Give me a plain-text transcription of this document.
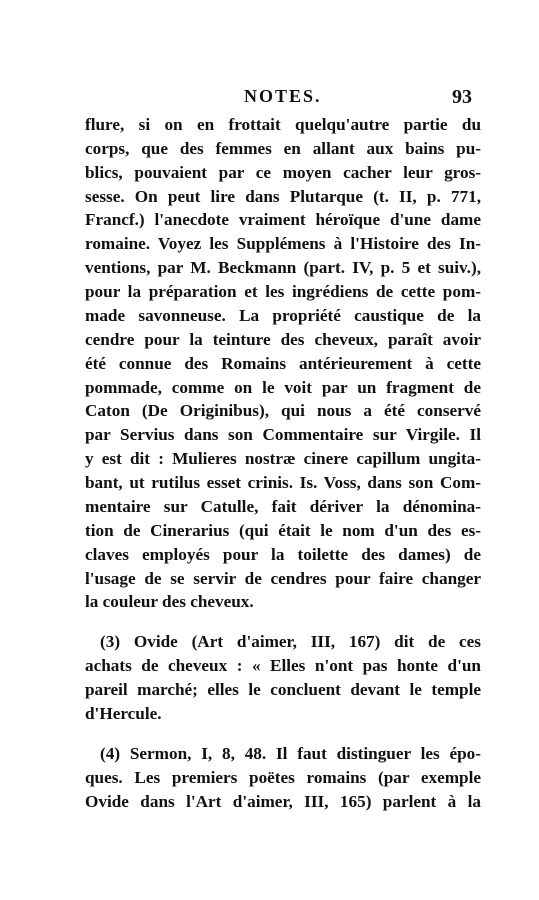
NOTES.	93
flure, si on en frottait quelqu'autre partie du
corps, que des femmes en allant aux bains pu-
blics, pouvaient par ce moyen cacher leur gros-
sesse. On peut lire dans Plutarque (t. II, p. 771,
Francf.) l'anecdote vraiment héroïque d'une dame
romaine. Voyez les Supplémens à l'Histoire des In-
ventions, par M. Beckmann (part. IV, p. 5 et suiv.),
pour la préparation et les ingrédiens de cette pom-
made savonneuse. La propriété caustique de la
cendre pour la teinture des cheveux, paraît avoir
été connue des Romains antérieurement à cette
pommade, comme on le voit par un fragment de
Caton (De Originibus), qui nous a été conservé
par Servius dans son Commentaire sur Virgile. Il
y est dit : Mulieres nostræ cinere capillum ungita-
bant, ut rutilus esset crinis. Is. Voss, dans son Com-
mentaire sur Catulle, fait dériver la dénomina-
tion de Cinerarius (qui était le nom d'un des es-
claves employés pour la toilette des dames) de
l'usage de se servir de cendres pour faire changer
la couleur des cheveux.
(3) Ovide (Art d'aimer, III, 167) dit de ces
achats de cheveux : « Elles n'ont pas honte d'un
pareil marché; elles le concluent devant le temple
d'Hercule.
(4) Sermon, I, 8, 48. Il faut distinguer les épo-
ques. Les premiers poëtes romains (par exemple
Ovide dans l'Art d'aimer, III, 165) parlent à la
